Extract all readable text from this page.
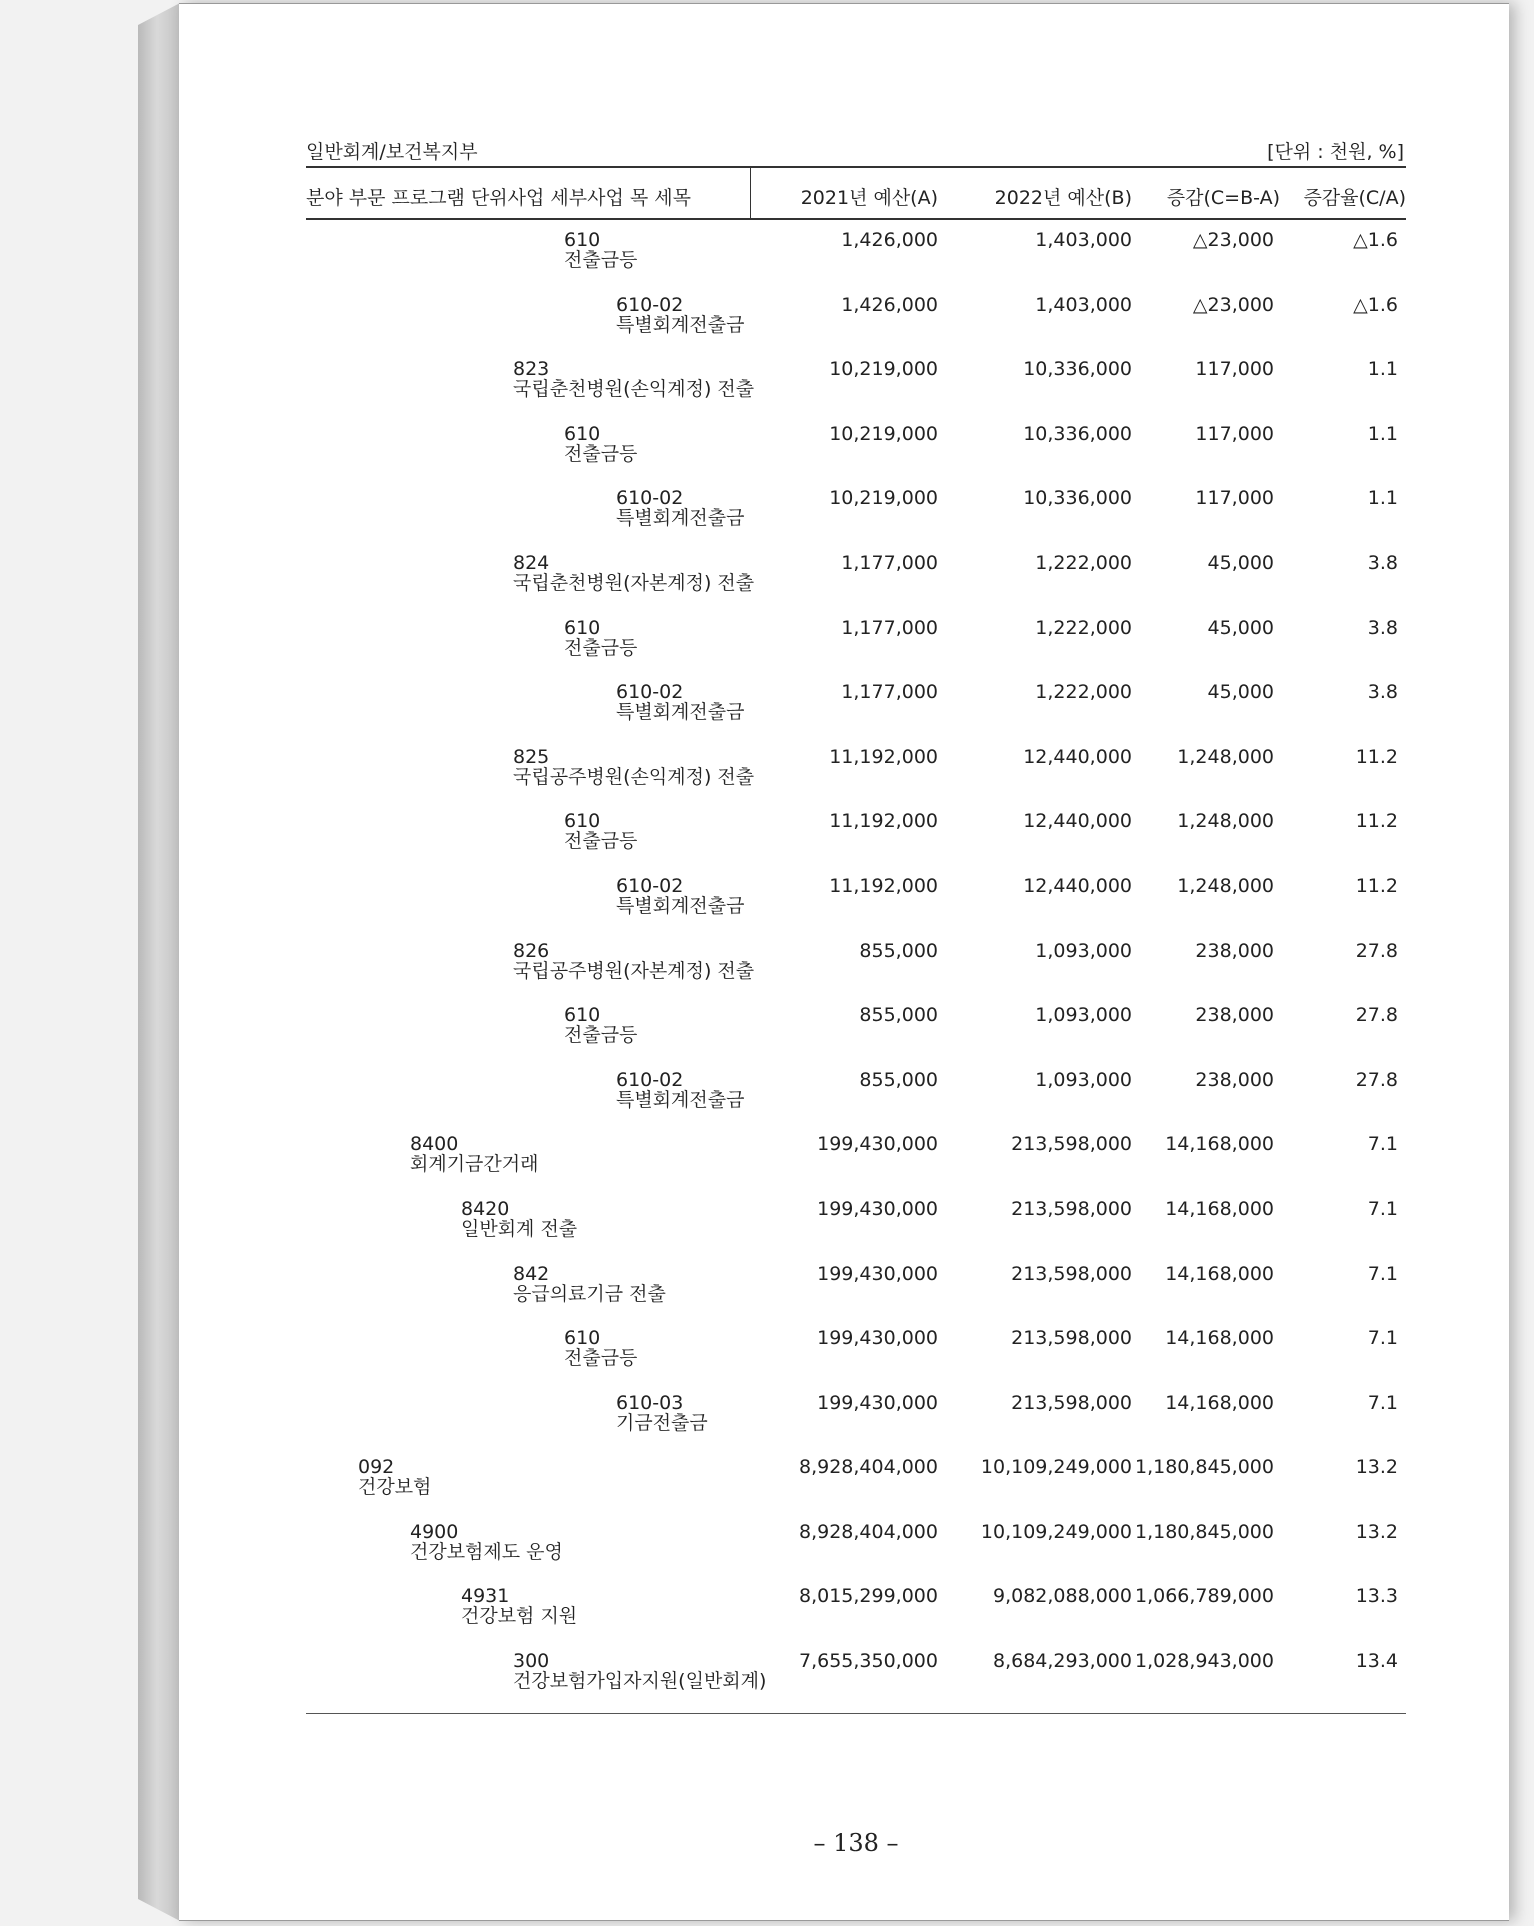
일반회계/보건복지부	[단위 : 천원, %]
분야 부문 프로그램 단위사업 세부사업 목 세목	2021년 예산(A)	2022년 예산(B) 증감(C=B-A) 증감율(C/A)
610
전출금등
1,426,000	1,403,000	△23,000	△1.6
610-02
특별회계전출금
1,426,000	1,403,000	△23,000	△1.6
823
국립춘천병원(손익계정) 전출
10,219,000	10,336,000	117,000	1.1
610
전출금등
10,219,000	10,336,000	117,000	1.1
610-02
특별회계전출금
10,219,000	10,336,000	117,000	1.1
824
국립춘천병원(자본계정) 전출
1,177,000	1,222,000	45,000	3.8
610
전출금등
1,177,000	1,222,000	45,000	3.8
610-02
특별회계전출금
1,177,000	1,222,000	45,000	3.8
825
국립공주병원(손익계정) 전출
11,192,000	12,440,000 1,248,000	11.2
610
전출금등
11,192,000	12,440,000 1,248,000	11.2
610-02
특별회계전출금
11,192,000	12,440,000 1,248,000	11.2
826
국립공주병원(자본계정) 전출
855,000	1,093,000	238,000	27.8
610
전출금등
855,000	1,093,000	238,000	27.8
610-02
특별회계전출금
855,000	1,093,000	238,000	27.8
8400
회계기금간거래
199,430,000	213,598,000 14,168,000	7.1
8420
일반회계 전출
199,430,000	213,598,000 14,168,000	7.1
842
응급의료기금 전출
199,430,000	213,598,000 14,168,000	7.1
610
전출금등
199,430,000	213,598,000 14,168,000	7.1
610-03
기금전출금
199,430,000	213,598,000 14,168,000	7.1
092
건강보험
8,928,404,000 10,109,249,000 1,180,845,000	13.2
4900
건강보험제도 운영
8,928,404,000 10,109,249,000 1,180,845,000	13.2
4931
건강보험 지원
8,015,299,000	9,082,088,000 1,066,789,000	13.3
300
건강보험가입자지원(일반회계)
7,655,350,000	8,684,293,000 1,028,943,000	13.4
– 138 –
